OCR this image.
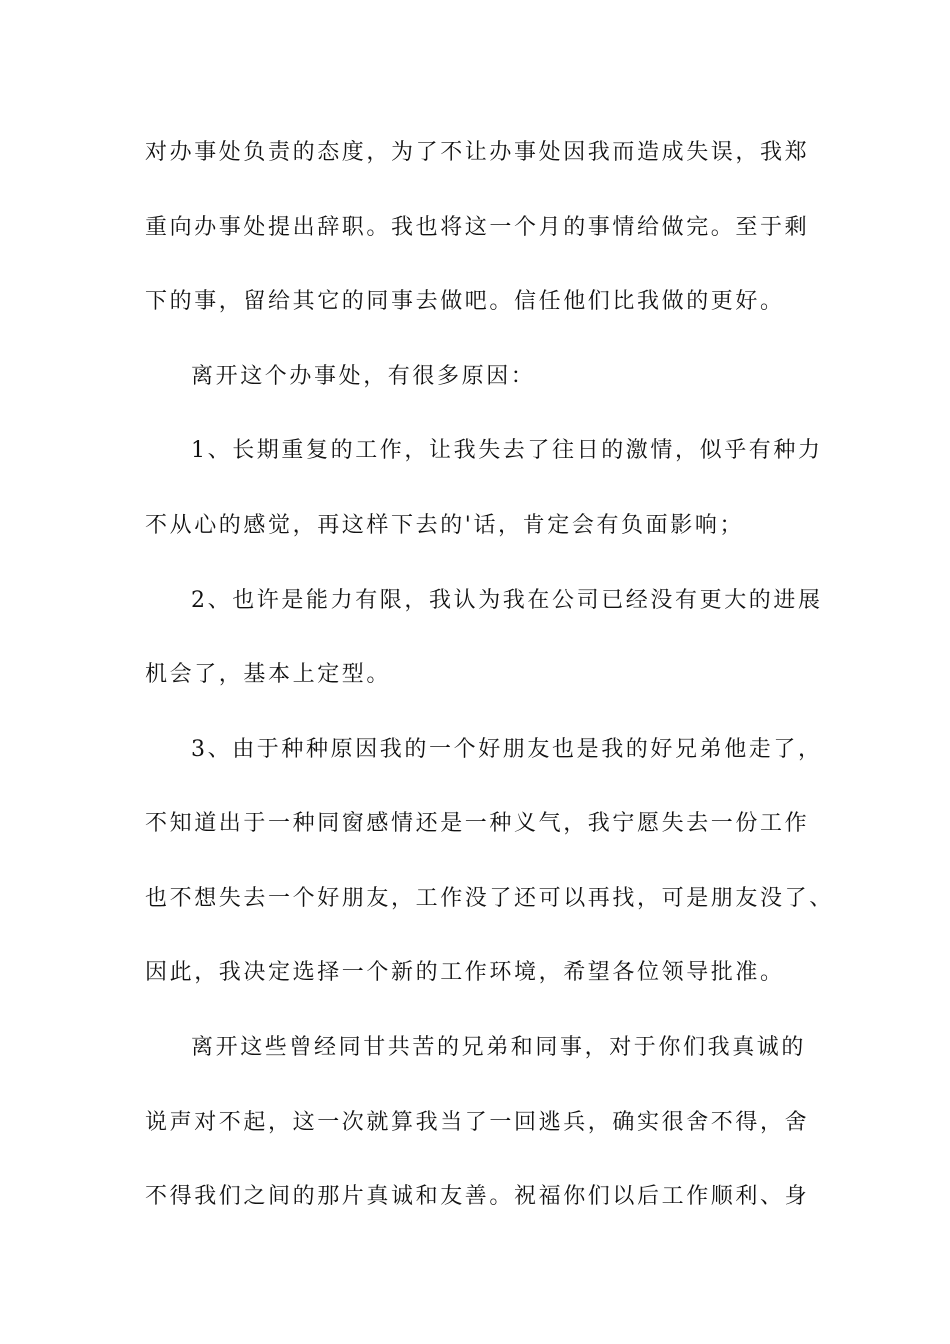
对办事处负责的态度，为了不让办事处因我而造成失误，我郑
重向办事处提出辞职。我也将这一个月的事情给做完。至于剩
下的事，留给其它的同事去做吧。信任他们比我做的更好。
离开这个办事处，有很多原因：
1、长期重复的工作，让我失去了往日的激情，似乎有种力
不从心的感觉，再这样下去的'话，肯定会有负面影响；
2、也许是能力有限，我认为我在公司已经没有更大的进展
机会了，基本上定型。
3、由于种种原因我的一个好朋友也是我的好兄弟他走了，
不知道出于一种同窗感情还是一种义气，我宁愿失去一份工作
也不想失去一个好朋友，工作没了还可以再找，可是朋友没了、
因此，我决定选择一个新的工作环境，希望各位领导批准。
离开这些曾经同甘共苦的兄弟和同事，对于你们我真诚的
说声对不起，这一次就算我当了一回逃兵，确实很舍不得，舍
不得我们之间的那片真诚和友善。祝福你们以后工作顺利、身
